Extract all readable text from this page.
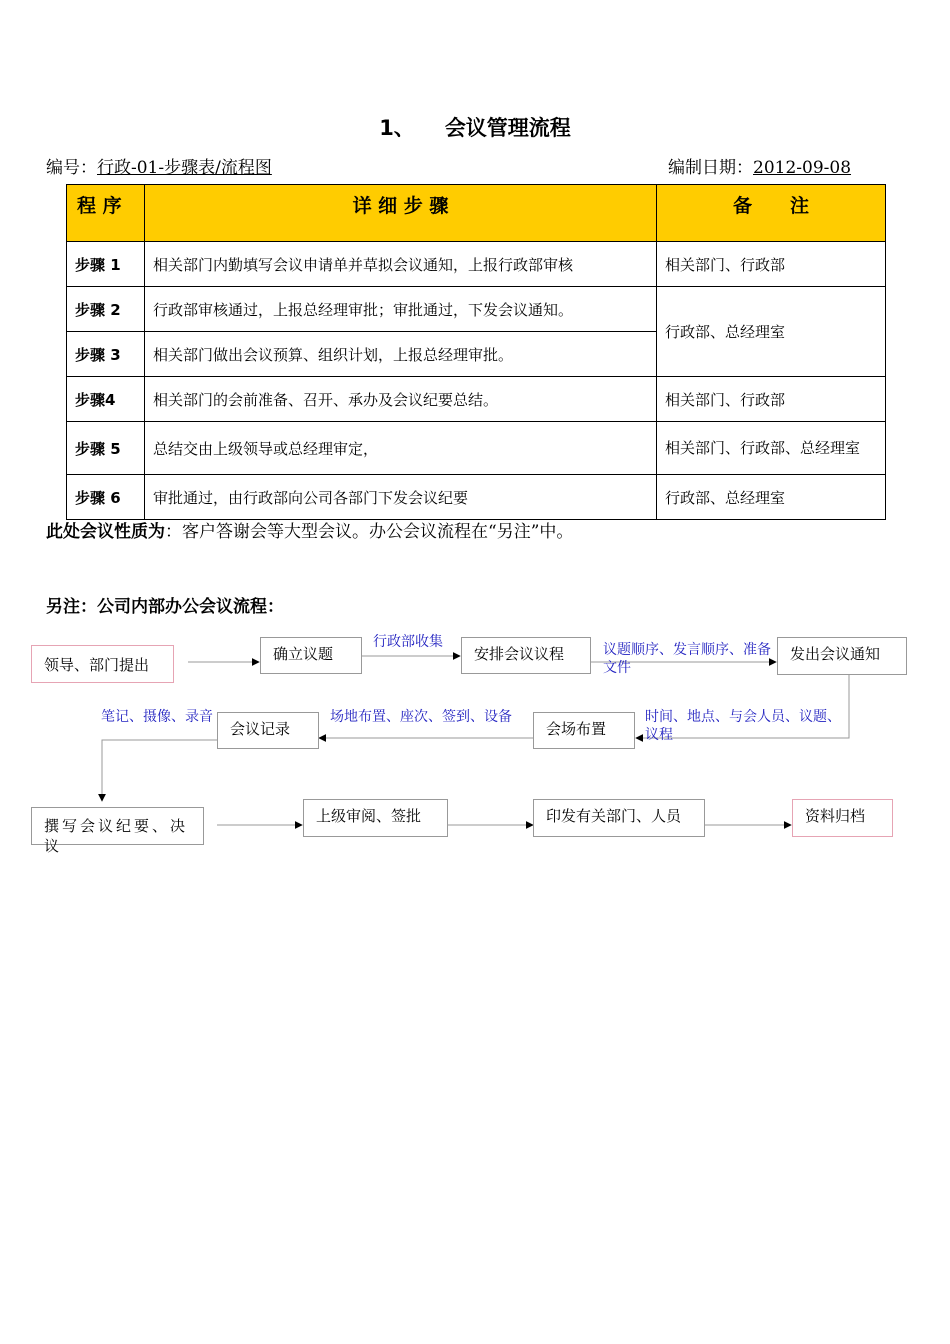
1、 会议管理流程
编号：行政-01-步骤表/流程图	编制日期：2012-09-08
程 序	详 细 步 骤	备　　注
步骤 1	相关部门内勤填写会议申请单并草拟会议通知，上报行政部审核	相关部门、行政部
步骤 2	行政部审核通过，上报总经理审批；审批通过，下发会议通知。	行政部、总经理室
步骤 3	相关部门做出会议预算、组织计划，上报总经理审批。	
步骤4	相关部门的会前准备、召开、承办及会议纪要总结。	相关部门、行政部
步骤 5	总结交由上级领导或总经理审定，	相关部门、行政部、总经理室
步骤 6	审批通过，由行政部向公司各部门下发会议纪要	行政部、总经理室
此处会议性质为：客户答谢会等大型会议。办公会议流程在“另注”中。
另注：公司内部办公会议流程：
领导、部门提出
确立议题	安排会议议程	发出会议通知
会场布置
会议记录
撰写会议纪要、决议
上级审阅、签批	印发有关部门、人员	资料归档
行政部收集	议题顺序、发言顺序、准备文件
时间、地点、与会人员、议题、议程
场地布置、座次、签到、设备
笔记、摄像、录音
